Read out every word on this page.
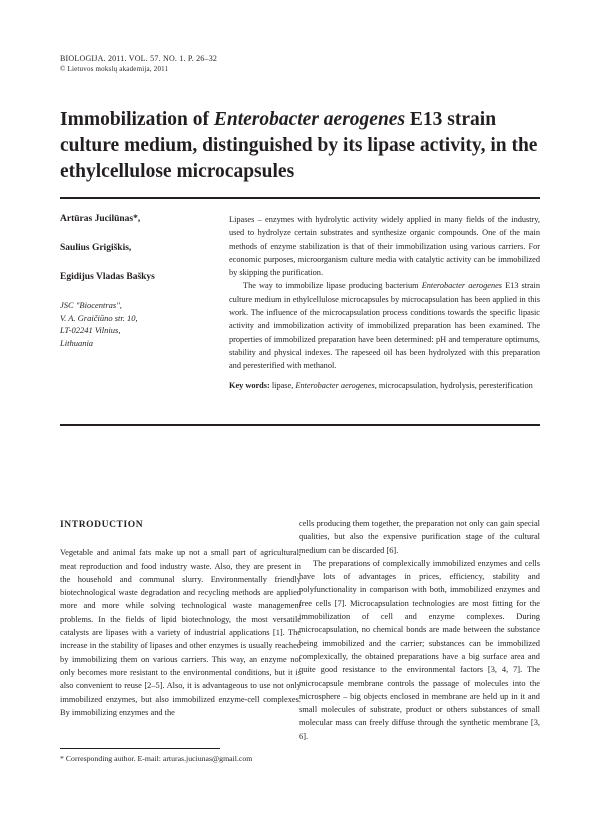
BIOLOGIJA. 2011. VOL. 57. NO. 1. P. 26–32
© Lietuvos mokslų akademija, 2011
Immobilization of Enterobacter aerogenes E13 strain culture medium, distinguished by its lipase activity, in the ethylcellulose microcapsules
Artūras Jucilūnas*,
Saulius Grigiškis,
Egidijus Vladas Baškys
JSC "Biocentras",
V. A. Graičiūno str. 10,
LT-02241 Vilnius,
Lithuania

Lipases – enzymes with hydrolytic activity widely applied in many fields of the industry, used to hydrolyze certain substrates and synthesize organic compounds. One of the main methods of enzyme stabilization is that of their immobilization using various carriers. For economic purposes, microorganism culture media with catalytic activity can be immobilized by skipping the purification.

The way to immobilize lipase producing bacterium Enterobacter aerogenes E13 strain culture medium in ethylcellulose microcapsules by microcapsulation has been applied in this work. The influence of the microcapsulation process conditions towards the specific lipasic activity and immobilization activity of immobilized preparation has been examined. The properties of immobilized preparation have been determined: pH and temperature optimums, stability and physical indexes. The rapeseed oil has been hydrolyzed with this preparation and peresterified with methanol.

Key words: lipase, Enterobacter aerogenes, microcapsulation, hydrolysis, peresterification

INTRODUCTION

Vegetable and animal fats make up not a small part of agricultural, meat reproduction and food industry waste. Also, they are present in the household and communal slurry. Environmentally friendly biotechnological waste degradation and recycling methods are applied more and more while solving technological waste management problems. In the fields of lipid biotechnology, the most versatile catalysts are lipases with a variety of industrial applications [1]. The increase in the stability of lipases and other enzymes is usually reached by immobilizing them on various carriers. This way, an enzyme not only becomes more resistant to the environmental conditions, but it is also convenient to reuse [2–5]. Also, it is advantageous to use not only immobilized enzymes, but also immobilized enzyme-cell complexes. By immobilizing enzymes and the

cells producing them together, the preparation not only can gain special qualities, but also the expensive purification stage of the cultural medium can be discarded [6].

The preparations of complexically immobilized enzymes and cells have lots of advantages in prices, efficiency, stability and polyfunctionality in comparison with both, immobilized enzymes and free cells [7]. Microcapsulation technologies are most fitting for the immobilization of cell and enzyme complexes. During microcapsulation, no chemical bonds are made between the substance being immobilized and the carrier; substances can be immobilized complexically, the obtained preparations have a big surface area and quite good resistance to the environmental factors [3, 4, 7]. The microcapsule membrane controls the passage of molecules into the microsphere – big objects enclosed in membrane are held up in it and small molecules of substrate, product or others substances of small molecular mass can freely diffuse through the synthetic membrane [3, 6].

* Corresponding author. E-mail: arturas.juciunas@gmail.com
